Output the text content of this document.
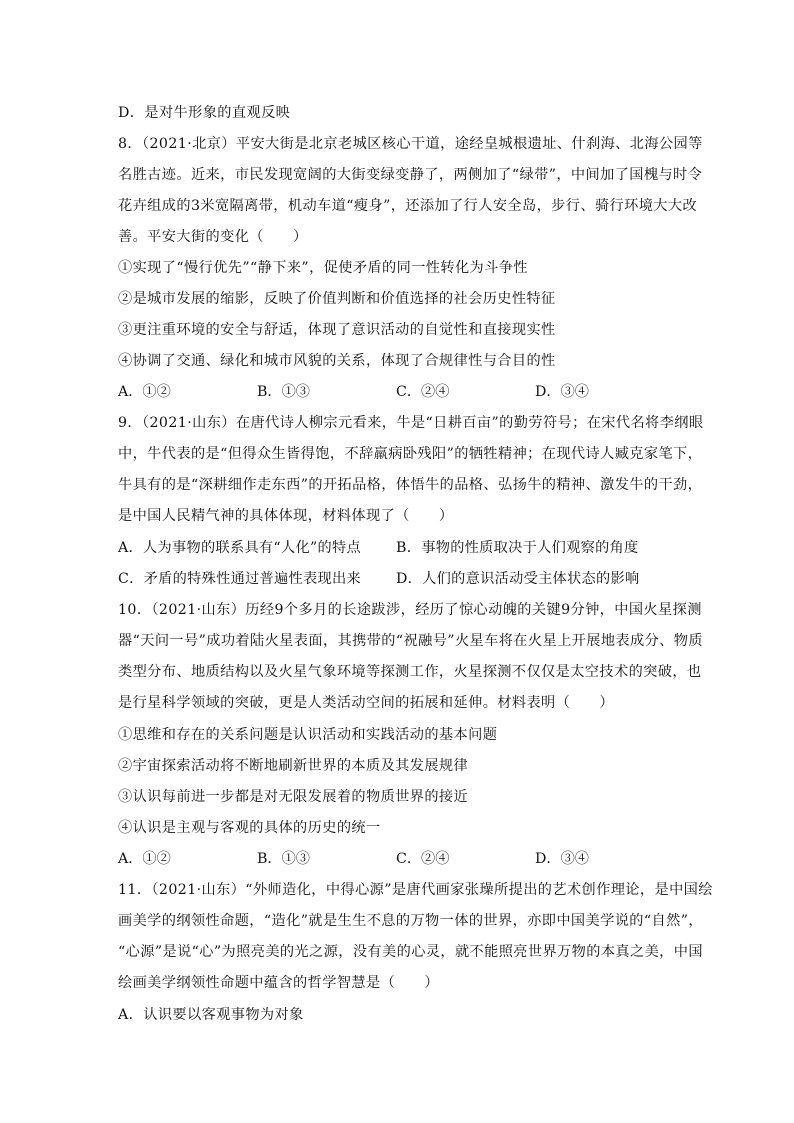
D．是对牛形象的直观反映
8．（2021·北京）平安大街是北京老城区核心干道，途经皇城根遗址、什刹海、北海公园等
名胜古迹。近来，市民发现宽阔的大街变绿变静了，两侧加了“绿带”，中间加了国槐与时令
花卉组成的3米宽隔离带，机动车道“瘦身”，还添加了行人安全岛，步行、骑行环境大大改
善。平安大街的变化（　　）
①实现了“慢行优先”“静下来”，促使矛盾的同一性转化为斗争性
②是城市发展的缩影，反映了价值判断和价值选择的社会历史性特征
③更注重环境的安全与舒适，体现了意识活动的自觉性和直接现实性
④协调了交通、绿化和城市风貌的关系，体现了合规律性与合目的性
A．①②	B．①③	C．②④	D．③④
9．（2021·山东）在唐代诗人柳宗元看来，牛是“日耕百亩”的勤劳符号；在宋代名将李纲眼
中，牛代表的是“但得众生皆得饱，不辞羸病卧残阳”的牺牲精神；在现代诗人臧克家笔下，
牛具有的是“深耕细作走东西”的开拓品格，体悟牛的品格、弘扬牛的精神、激发牛的干劲，
是中国人民精气神的具体体现，材料体现了（　　）
A．人为事物的联系具有“人化”的特点 B．事物的性质取决于人们观察的角度
C．矛盾的特殊性通过普遍性表现出来 D．人们的意识活动受主体状态的影响
10．（2021·山东）历经9个多月的长途跋涉，经历了惊心动魄的关键9分钟，中国火星探测
器“天问一号”成功着陆火星表面，其携带的“祝融号”火星车将在火星上开展地表成分、物质
类型分布、地质结构以及火星气象环境等探测工作，火星探测不仅仅是太空技术的突破，也
是行星科学领域的突破，更是人类活动空间的拓展和延伸。材料表明（　　）
①思维和存在的关系问题是认识活动和实践活动的基本问题
②宇宙探索活动将不断地刷新世界的本质及其发展规律
③认识每前进一步都是对无限发展着的物质世界的接近
④认识是主观与客观的具体的历史的统一
A．①②	B．①③	C．②④	D．③④
11．（2021·山东）“外师造化，中得心源”是唐代画家张璪所提出的艺术创作理论，是中国绘
画美学的纲领性命题，“造化”就是生生不息的万物一体的世界，亦即中国美学说的“自然”，
“心源”是说“心”为照亮美的光之源，没有美的心灵，就不能照亮世界万物的本真之美，中国
绘画美学纲领性命题中蕴含的哲学智慧是（　　）
A．认识要以客观事物为对象
